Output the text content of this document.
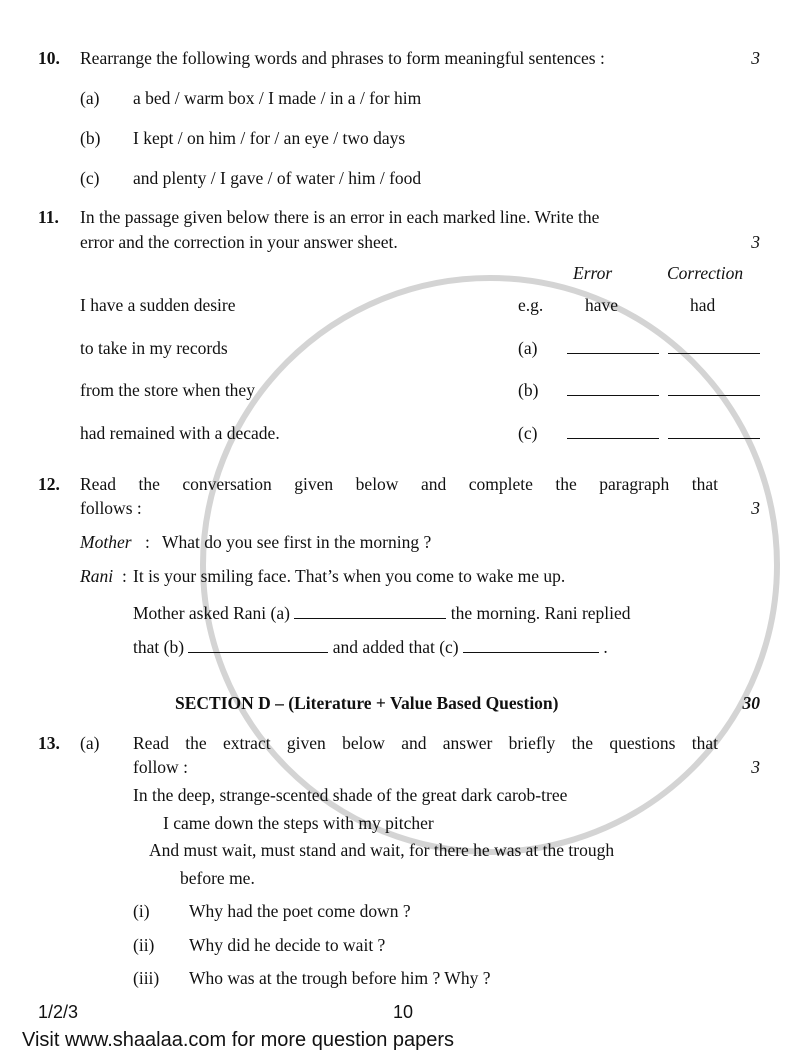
10. Rearrange the following words and phrases to form meaningful sentences :	3
(a) a bed / warm box / I made / in a / for him
(b) I kept / on him / for / an eye / two days
(c) and plenty / I gave / of water / him / food
11. In the passage given below there is an error in each marked line. Write the
error and the correction in your answer sheet.	3
Error	Correction
I have a sudden desire	e.g. have	had
to take in my records	(a)
from the store when they	(b)
had remained with a decade.	(c)
12. Read the conversation given below and complete the paragraph that
follows :	3
Mother : What do you see first in the morning ?
Rani : It is your smiling face. That’s when you come to wake me up.
Mother asked Rani (a)	the morning. Rani replied
that (b)	and added that (c)	.
SECTION D – (Literature + Value Based Question)	30
13. (a) Read the extract given below and answer briefly the questions that
follow :	3
In the deep, strange-scented shade of the great dark carob-tree
I came down the steps with my pitcher
And must wait, must stand and wait, for there he was at the trough
before me.
(i) Why had the poet come down ?
(ii) Why did he decide to wait ?
(iii) Who was at the trough before him ? Why ?
1/2/3	10
Visit www.shaalaa.com for more question papers
